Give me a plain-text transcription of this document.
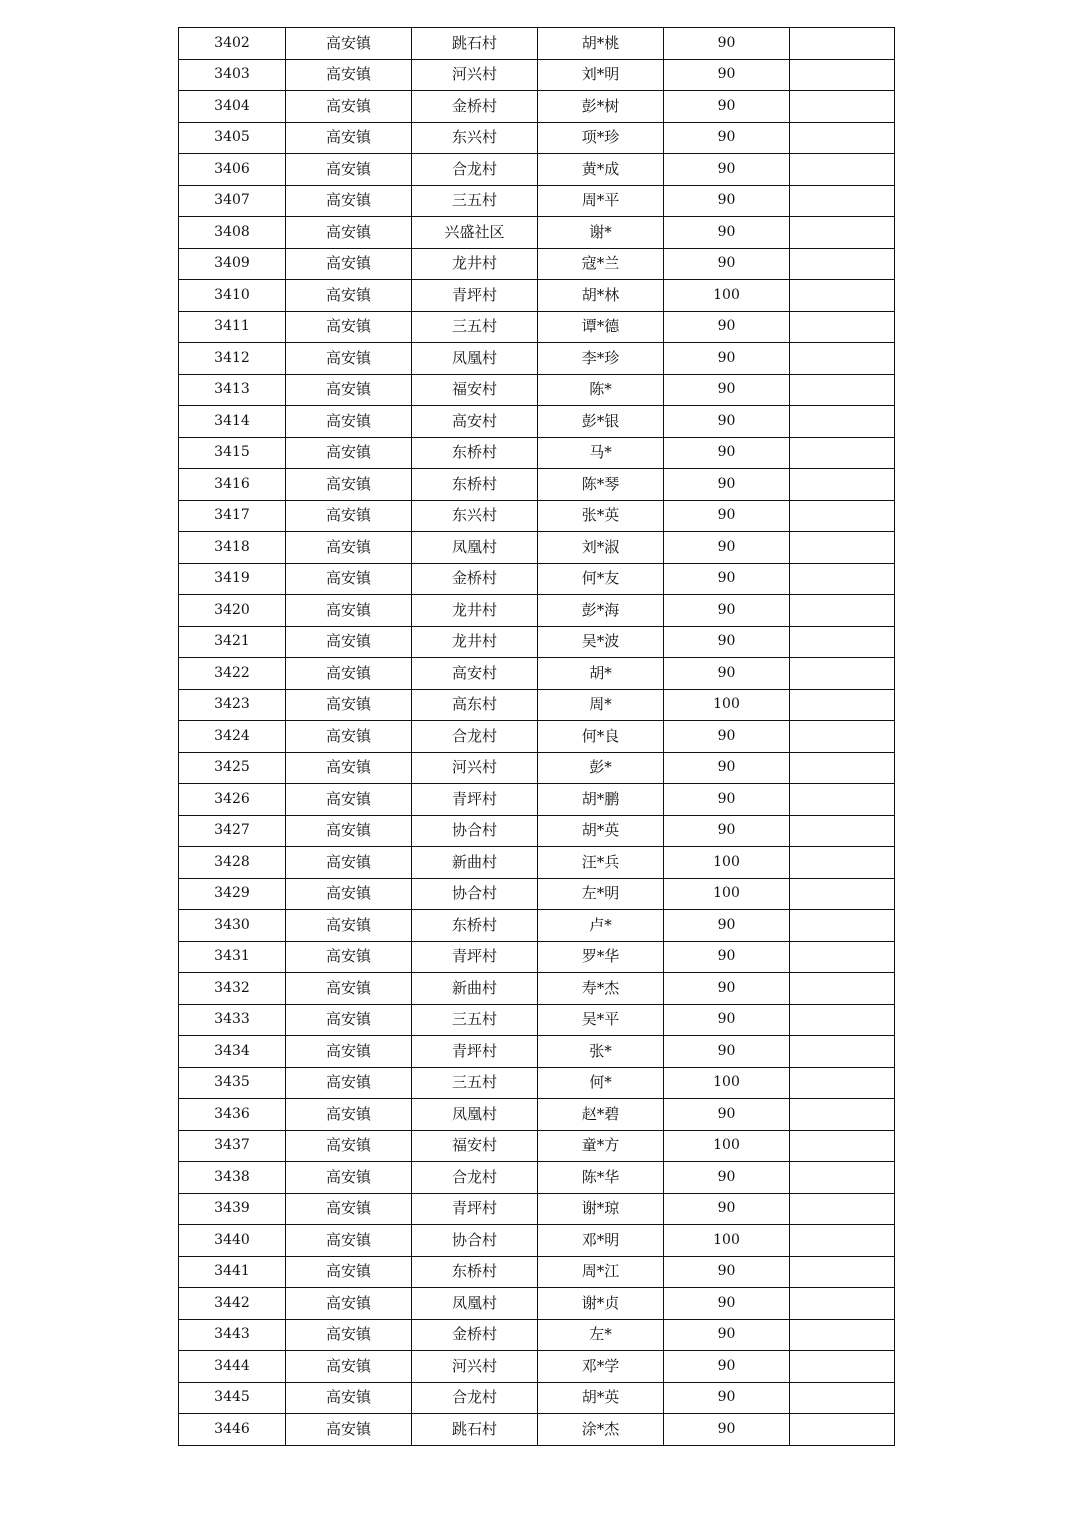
3402	高安镇	跳石村	胡*桃	90	
3403	高安镇	河兴村	刘*明	90	
3404	高安镇	金桥村	彭*树	90	
3405	高安镇	东兴村	项*珍	90	
3406	高安镇	合龙村	黄*成	90	
3407	高安镇	三五村	周*平	90	
3408	高安镇	兴盛社区	谢*	90	
3409	高安镇	龙井村	寇*兰	90	
3410	高安镇	青坪村	胡*林	100	
3411	高安镇	三五村	谭*德	90	
3412	高安镇	凤凰村	李*珍	90	
3413	高安镇	福安村	陈*	90	
3414	高安镇	高安村	彭*银	90	
3415	高安镇	东桥村	马*	90	
3416	高安镇	东桥村	陈*琴	90	
3417	高安镇	东兴村	张*英	90	
3418	高安镇	凤凰村	刘*淑	90	
3419	高安镇	金桥村	何*友	90	
3420	高安镇	龙井村	彭*海	90	
3421	高安镇	龙井村	吴*波	90	
3422	高安镇	高安村	胡*	90	
3423	高安镇	高东村	周*	100	
3424	高安镇	合龙村	何*良	90	
3425	高安镇	河兴村	彭*	90	
3426	高安镇	青坪村	胡*鹏	90	
3427	高安镇	协合村	胡*英	90	
3428	高安镇	新曲村	汪*兵	100	
3429	高安镇	协合村	左*明	100	
3430	高安镇	东桥村	卢*	90	
3431	高安镇	青坪村	罗*华	90	
3432	高安镇	新曲村	寿*杰	90	
3433	高安镇	三五村	吴*平	90	
3434	高安镇	青坪村	张*	90	
3435	高安镇	三五村	何*	100	
3436	高安镇	凤凰村	赵*碧	90	
3437	高安镇	福安村	童*方	100	
3438	高安镇	合龙村	陈*华	90	
3439	高安镇	青坪村	谢*琼	90	
3440	高安镇	协合村	邓*明	100	
3441	高安镇	东桥村	周*江	90	
3442	高安镇	凤凰村	谢*贞	90	
3443	高安镇	金桥村	左*	90	
3444	高安镇	河兴村	邓*学	90	
3445	高安镇	合龙村	胡*英	90	
3446	高安镇	跳石村	涂*杰	90	
